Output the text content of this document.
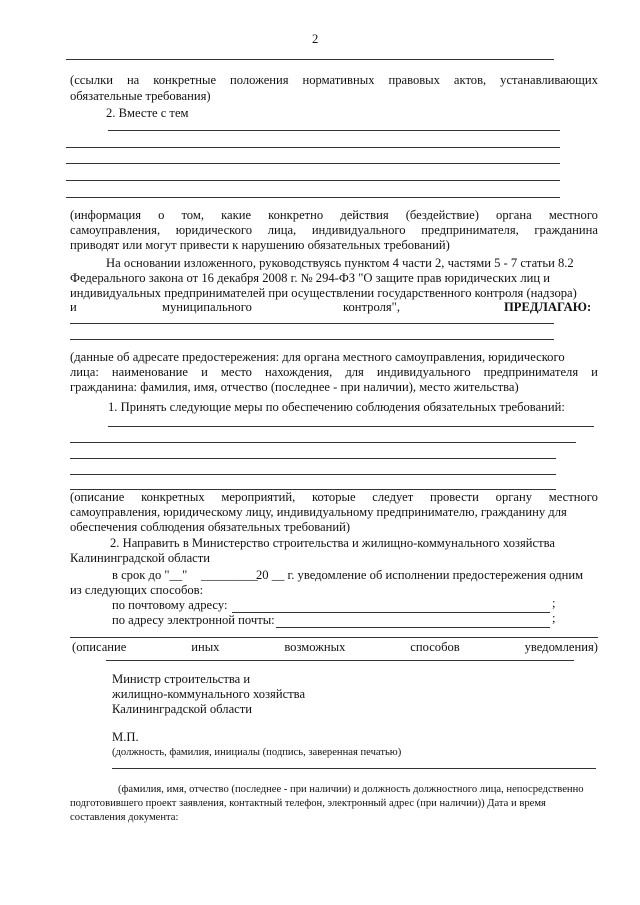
2
(ссылки на конкретные положения нормативных правовых актов, устанавливающих
обязательные требования)
2. Вместе с тем
(информация о том, какие конкретно действия (бездействие) органа местного
самоуправления, юридического лица, индивидуального предпринимателя, гражданина
приводят или могут привести к нарушению обязательных требований)
На основании изложенного, руководствуясь пунктом 4 части 2, частями 5 - 7 статьи 8.2
Федерального закона от 16 декабря 2008 г. № 294-ФЗ "О защите прав юридических лиц и
индивидуальных предпринимателей при осуществлении государственного контроля (надзора)
и	муниципального	контроля",	ПРЕДЛАГАЮ:
(данные об адресате предостережения: для органа местного самоуправления, юридического
лица: наименование и место нахождения, для индивидуального предпринимателя и
гражданина: фамилия, имя, отчество (последнее - при наличии), место жительства)
1. Принять следующие меры по обеспечению соблюдения обязательных требований:
(описание конкретных мероприятий, которые следует провести органу местного
самоуправления, юридическому лицу, индивидуальному предпринимателю, гражданину для
обеспечения соблюдения обязательных требований)
2. Направить в Министерство строительства и жилищно-коммунального хозяйства
Калининградской области
в срок до "__" _________
20 __ г. уведомление об исполнении предостережения одним
из следующих способов:
по почтовому адресу:	;
по адресу электронной почты:	;
(описание	иных	возможных	способов	уведомления)
Министр строительства и
жилищно-коммунального хозяйства
Калининградской области
М.П.
(должность, фамилия, инициалы (подпись, заверенная печатью)
(фамилия, имя, отчество (последнее - при наличии) и должность должностного лица, непосредственно
подготовившего проект заявления, контактный телефон, электронный адрес (при наличии)) Дата и время
составления документа:
